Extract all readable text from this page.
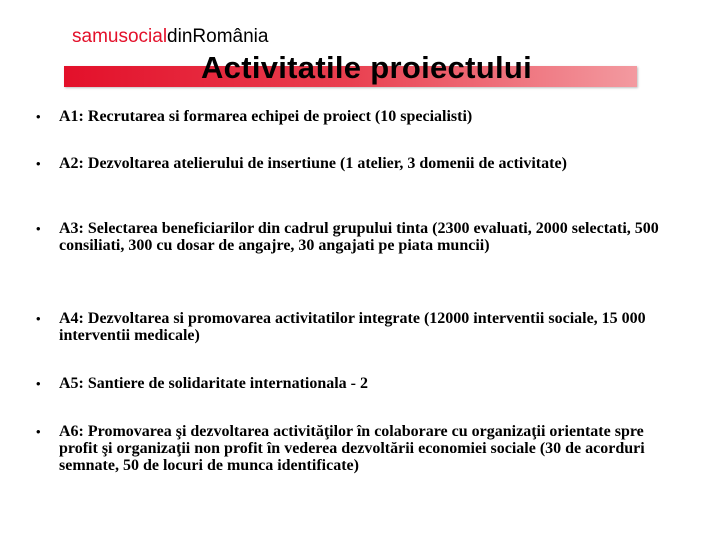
samusocialdinRomânia
Activitatile proiectului
•	A1: Recrutarea si formarea echipei de proiect (10 specialisti)
•	A2: Dezvoltarea atelierului de insertiune (1 atelier, 3 domenii de activitate)
•	A3: Selectarea beneficiarilor din cadrul grupului tinta (2300 evaluati, 2000 selectati, 500 consiliati, 300 cu dosar de angajre, 30 angajati pe piata muncii)
•	A4: Dezvoltarea si promovarea activitatilor integrate (12000 interventii sociale, 15 000 interventii medicale)
•	A5: Santiere de solidaritate internationala - 2
•	A6: Promovarea şi dezvoltarea activităţilor în colaborare cu organizaţii orientate spre profit şi organizaţii non profit în vederea dezvoltării economiei sociale (30 de acorduri semnate, 50 de locuri de munca identificate)
